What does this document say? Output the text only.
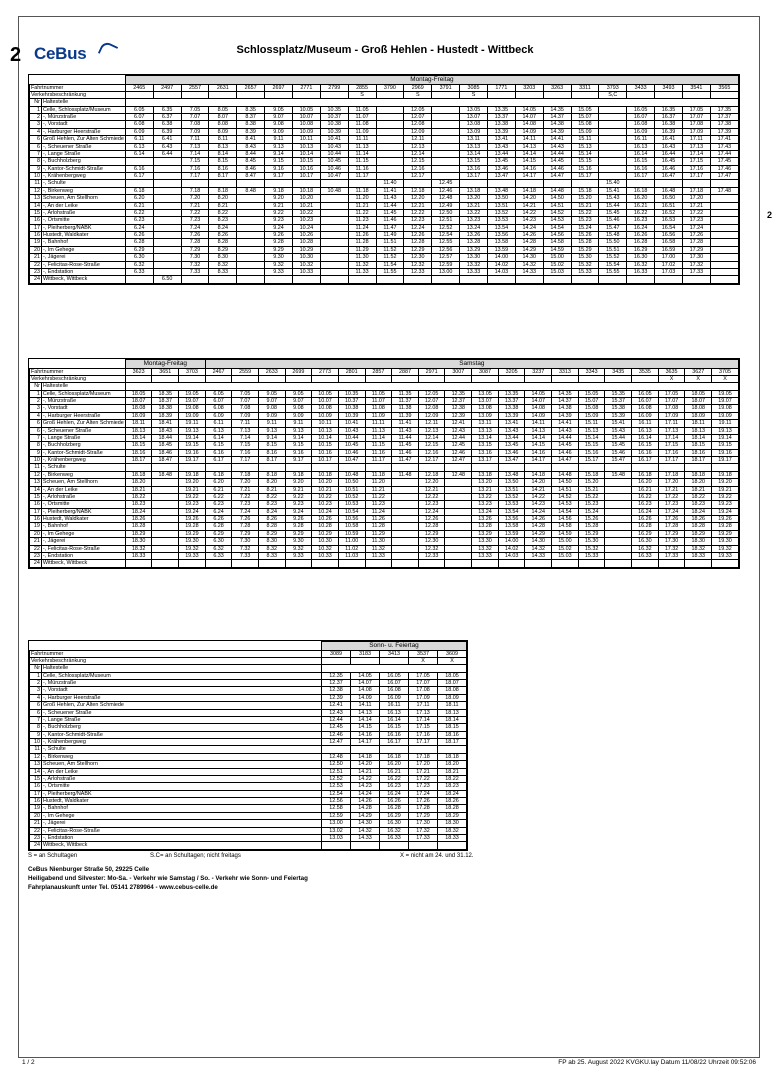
2 CeBus	Schlossplatz/Museum - Groß Hehlen - Hustedt - Wittbeck
2
		Montag-Freitag																					
Fahrtnummer		2465	2497	2557	2631	2657	2697	2771	2799	2855	3790	2969	3791	3085	1771	3203	3263	3311	3793	3433	3493	3541	3565
Verkehrsbeschränkung										S		S		S					S,C				
Nr	Haltestelle																						
1	Celle, Schlossplatz/Museum	6.05	6.35	7.05	8.05	8.35	9.05	10.05	10.35	11.05		12.05		13.05	13.35	14.05	14.35	15.05		16.05	16.35	17.05	17.35
2	-, Münzstraße	6.07	6.37	7.07	8.07	8.37	9.07	10.07	10.37	11.07		12.07		13.07	13.37	14.07	14.37	15.07		16.07	16.37	17.07	17.37
3	-, Vorstadt	6.08	6.38	7.08	8.08	8.38	9.08	10.08	10.38	11.08		12.08		13.08	13.38	14.08	14.38	15.08		16.08	16.38	17.08	17.38
4	-, Harburger Heerstraße	6.09	6.39	7.09	8.09	8.39	9.09	10.09	10.39	11.09		12.09		13.09	13.39	14.09	14.39	15.09		16.09	16.39	17.09	17.39
6	Groß Hehlen, Zur Alten Schmiede	6.11	6.41	7.11	8.11	8.41	9.11	10.11	10.41	11.11		12.11		13.11	13.41	14.11	14.41	15.11		16.11	16.41	17.11	17.41
6	-, Scheuener Straße	6.13	6.43	7.13	8.13	8.43	9.13	10.13	10.43	11.13		12.13		13.13	13.43	14.13	14.43	15.13		16.13	16.43	17.13	17.43
7	-, Lange Straße	6.14	6.44	7.14	8.14	8.44	9.14	10.14	10.44	11.14		12.14		13.14	13.44	14.14	14.44	15.14		16.14	16.44	17.14	17.44
8	-, Buchholzberg			7.15	8.15	8.45	9.15	10.15	10.45	11.15		12.15		13.15	13.45	14.15	14.45	15.15		16.15	16.45	17.15	17.45
9	-, Kantor-Schmidt-Straße	6.16		7.16	8.16	8.46	9.16	10.16	10.46	11.16		12.16		13.16	13.46	14.16	14.46	15.16		16.16	16.46	17.16	17.46
10	-, Krähenbergweg	6.17		7.17	8.17	8.47	9.17	10.17	10.47	11.17		12.17		13.17	13.47	14.17	14.47	15.17		16.17	16.47	17.17	17.47
11	-, Schulte										11.40		12.45						15.40				
12	-, Birkenweg	6.18		7.18	8.18	8.48	9.18	10.18	10.48	11.18	11.41	12.18	12.46	13.18	13.48	14.18	14.48	15.18	15.41	16.18	16.48	17.18	17.48
13	Scheuen, Am Stellhorn	6.20		7.20	8.20		9.20	10.20		11.20	11.43	12.20	12.48	13.20	13.50	14.20	14.50	15.20	15.43	16.20	16.50	17.20	
14	-, An der Leike	6.21		7.21	8.21		9.21	10.21		11.21	11.44	12.21	12.49	13.21	13.51	14.21	14.51	15.21	15.44	16.21	16.51	17.21	
15	-, Arlohstraße	6.22		7.22	8.22		9.22	10.22		11.22	11.45	12.22	12.50	13.22	13.52	14.22	14.52	15.22	15.45	16.22	16.52	17.22	
16	-, Ortsmitte	6.23		7.23	8.23		9.23	10.23		11.23	11.46	12.23	12.51	13.23	13.53	14.23	14.53	15.23	15.46	16.23	16.53	17.23	
17	-, Pleiherberg/NABK	6.24		7.24	8.24		9.24	10.24		11.24	11.47	12.24	12.52	13.24	13.54	14.24	14.54	15.24	15.47	16.24	16.54	17.24	
16	Hustedt, Waldkater	6.26		7.26	8.26		9.26	10.26		11.26	11.49	12.26	12.54	13.26	13.56	14.26	14.56	15.26	15.48	16.26	16.56	17.26	
19	-, Bahnhof	6.28		7.28	8.28		9.28	10.28		11.28	11.51	12.28	12.55	13.28	13.58	14.28	14.58	15.28	15.50	16.28	16.58	17.28	
20	-, Im Gehege	6.29		7.29	8.29		9.29	10.29		11.29	11.52	12.29	12.56	13.29	13.59	14.29	14.59	15.29	15.51	16.29	16.59	17.29	
21	-, Jägerei	6.30		7.30	8.30		9.30	10.30		11.30	11.52	12.30	12.57	13.30	14.00	14.30	15.00	15.30	15.52	16.30	17.00	17.30	
22	-, Felicitas-Rose-Straße	6.32		7.32	8.32		9.32	10.32		11.32	11.54	12.32	12.59	13.32	14.02	14.32	15.02	15.32	15.54	16.32	17.02	17.32	
23	-, Endstation	6.33		7.33	8.33		9.33	10.33		11.33	11.55	12.33	13.00	13.33	14.03	14.33	15.03	15.33	15.55	16.33	17.03	17.33	
24	Wittbeck, Wittbeck		6.50																				
		Montag-Freitag			Samstag																			
Fahrtnummer		3623	3651	3703	2467	2559	2633	2699	2773	2801	2857	2887	2971	3007	3087	3205	3237	3313	3343	3435	3535	3635	3627	3705
Verkehrsbeschränkung																						X	X	X
Nr	Haltestelle																							
1	Celle, Schlossplatz/Museum	18.05	18.35	19.05	6.05	7.05	9.05	9.05	10.05	10.35	11.05	11.35	12.05	12.35	13.05	13.35	14.05	14.35	15.05	15.35	16.05	17.05	18.05	19.05
2	-, Münzstraße	18.07	18.37	19.07	6.07	7.07	9.07	9.07	10.07	10.37	11.07	11.37	12.07	12.37	13.07	13.37	14.07	14.37	15.07	15.37	16.07	17.07	18.07	19.07
3	-, Vorstadt	18.08	18.38	19.08	6.08	7.08	9.08	9.08	10.08	10.38	11.08	11.38	12.08	12.38	13.08	13.38	14.08	14.38	15.08	15.38	16.08	17.08	18.08	19.08
4	-, Harburger Heerstraße	18.09	18.39	19.09	6.09	7.09	9.09	9.09	10.09	10.39	11.09	11.39	12.09	12.39	13.09	13.39	14.09	14.39	15.09	15.39	16.09	17.09	18.09	19.09
6	Groß Hehlen, Zur Alten Schmiede	18.11	18.41	19.11	6.11	7.11	9.11	9.11	10.11	10.41	11.11	11.41	12.11	12.41	13.11	13.41	14.11	14.41	15.11	15.41	16.11	17.11	18.11	19.11
6	-, Scheuener Straße	18.13	18.43	19.13	6.13	7.13	9.13	9.13	10.13	10.43	11.13	11.43	12.13	12.43	13.13	13.43	14.13	14.43	15.13	15.43	16.13	17.13	18.13	19.13
7	-, Lange Straße	18.14	18.44	19.14	6.14	7.14	9.14	9.14	10.14	10.44	11.14	11.44	12.14	12.44	13.14	13.44	14.14	14.44	15.14	15.44	16.14	17.14	18.14	19.14
8	-, Buchholzberg	18.15	18.45	19.15	6.15	7.15	8.15	9.15	10.15	10.45	11.15	11.45	12.15	12.45	13.15	13.45	14.15	14.45	15.15	15.45	16.15	17.15	18.15	19.15
9	-, Kantor-Schmidt-Straße	18.16	18.46	19.16	6.16	7.16	8.16	9.16	10.16	10.46	11.16	11.46	12.16	12.46	13.16	13.46	14.16	14.46	15.16	15.46	16.16	17.16	18.16	19.16
10	-, Krähenbergweg	18.17	18.47	19.17	6.17	7.17	8.17	9.17	10.17	10.47	11.17	11.47	12.17	12.47	13.17	13.47	14.17	14.47	15.17	15.47	16.17	17.17	18.17	19.17
11	-, Schulte																							
12	-, Birkenweg	18.18	18.48	19.18	6.18	7.18	8.18	9.18	10.18	10.48	11.18	11.48	12.18	12.48	13.18	13.48	14.18	14.48	15.18	15.48	16.18	17.18	18.18	19.18
13	Scheuen, Am Stellhorn	18.20		19.20	6.20	7.20	8.20	9.20	10.20	10.50	11.20		12.20		13.20	13.50	14.20	14.50	15.20		16.20	17.20	18.20	19.20
14	-, An der Leike	18.21		19.21	6.21	7.21	8.21	9.21	10.21	10.51	11.21		12.21		13.21	13.51	14.21	14.51	15.21		16.21	17.21	18.21	19.21
15	-, Arlohstraße	18.22		19.22	6.22	7.22	8.22	9.22	10.22	10.52	11.22		12.22		13.22	13.52	14.22	14.52	15.22		16.22	17.22	18.22	19.22
16	-, Ortsmitte	18.23		19.23	6.23	7.23	8.23	9.23	10.23	10.53	11.23		12.23		13.23	13.53	14.23	14.53	15.23		16.23	17.23	18.23	19.23
17	-, Pleiherberg/NABK	18.24		19.24	6.24	7.24	8.24	9.24	10.24	10.54	11.24		12.24		13.24	13.54	14.24	14.54	15.24		16.24	17.24	18.24	19.24
16	Hustedt, Waldkater	18.26		19.26	6.26	7.26	8.26	9.26	10.26	10.56	11.26		12.26		13.26	13.56	14.26	14.56	15.26		16.26	17.26	18.26	19.26
19	-, Bahnhof	18.28		19.28	6.28	7.28	8.28	9.28	10.28	10.58	11.28		12.28		13.28	13.58	14.28	14.58	15.28		16.28	17.28	18.28	19.28
20	-, Im Gehege	18.29		19.29	6.29	7.29	8.29	9.29	10.29	10.59	11.29		12.29		13.29	13.59	14.29	14.59	15.29		16.29	17.29	18.29	19.29
21	-, Jägerei	18.30		19.30	6.30	7.30	8.30	9.30	10.30	11.00	11.30		12.30		13.30	14.00	14.30	15.00	15.30		16.30	17.30	18.30	19.30
22	-, Felicitas-Rose-Straße	18.32		19.32	6.32	7.32	8.32	9.32	10.32	11.02	11.32		12.32		13.32	14.02	14.32	15.02	15.32		16.32	17.32	18.32	19.32
23	-, Endstation	18.33		19.33	6.33	7.33	8.33	9.33	10.33	11.03	11.33		12.33		13.33	14.03	14.33	15.03	15.33		16.33	17.33	18.33	19.33
24	Wittbeck, Wittbeck																							
		Sonn- u. Feiertag				
Fahrtnummer		3089	3183	3413	3537	3609
Verkehrsbeschränkung					X	X
Nr	Haltestelle					
1	Celle, Schlossplatz/Museum	12.35	14.05	16.05	17.05	18.05
2	-, Münzstraße	12.37	14.07	16.07	17.07	18.07
3	-, Vorstadt	12.38	14.08	16.08	17.08	18.08
4	-, Harburger Heerstraße	12.39	14.09	16.09	17.09	18.09
6	Groß Hehlen, Zur Alten Schmiede	12.41	14.11	16.11	17.11	18.11
6	-, Scheuener Straße	12.43	14.13	16.13	17.13	18.13
7	-, Lange Straße	12.44	14.14	16.14	17.14	18.14
8	-, Buchholzberg	12.45	14.15	16.15	17.15	18.15
9	-, Kantor-Schmidt-Straße	12.46	14.16	16.16	17.16	18.16
10	-, Krähenbergweg	12.47	14.17	16.17	17.17	18.17
11	-, Schulte					
12	-, Birkenweg	12.48	14.18	16.18	17.18	18.18
13	Scheuen, Am Stellhorn	12.50	14.20	16.20	17.20	18.20
14	-, An der Leike	12.51	14.21	16.21	17.21	18.21
15	-, Arlohstraße	12.52	14.22	16.22	17.22	18.22
16	-, Ortsmitte	12.53	14.23	16.23	17.23	18.23
17	-, Pleiherberg/NABK	12.54	14.24	16.24	17.24	18.24
16	Hustedt, Waldkater	12.56	14.26	16.26	17.26	18.26
19	-, Bahnhof	12.58	14.28	16.28	17.28	18.28
20	-, Im Gehege	12.59	14.29	16.29	17.29	18.29
21	-, Jägerei	13.00	14.30	16.30	17.30	18.30
22	-, Felicitas-Rose-Straße	13.02	14.32	16.32	17.32	18.32
23	-, Endstation	13.03	14.33	16.33	17.33	18.33
24	Wittbeck, Wittbeck					
S = an Schultagen	S.C= an Schultagen; nicht freitags	X = nicht am 24. und 31.12.
CeBus Nienburger Straße 50, 29225 Celle
Heiligabend und Silvester: Mo-Sa. - Verkehr wie Samstag / So. - Verkehr wie Sonn- und Feiertag
Fahrplanauskunft unter Tel. 05141 2789964 - www.cebus-celle.de
1 / 2	FP ab 25. August 2022 KVGKU.lay Datum 11/08/22 Uhrzeit 09:52:06
